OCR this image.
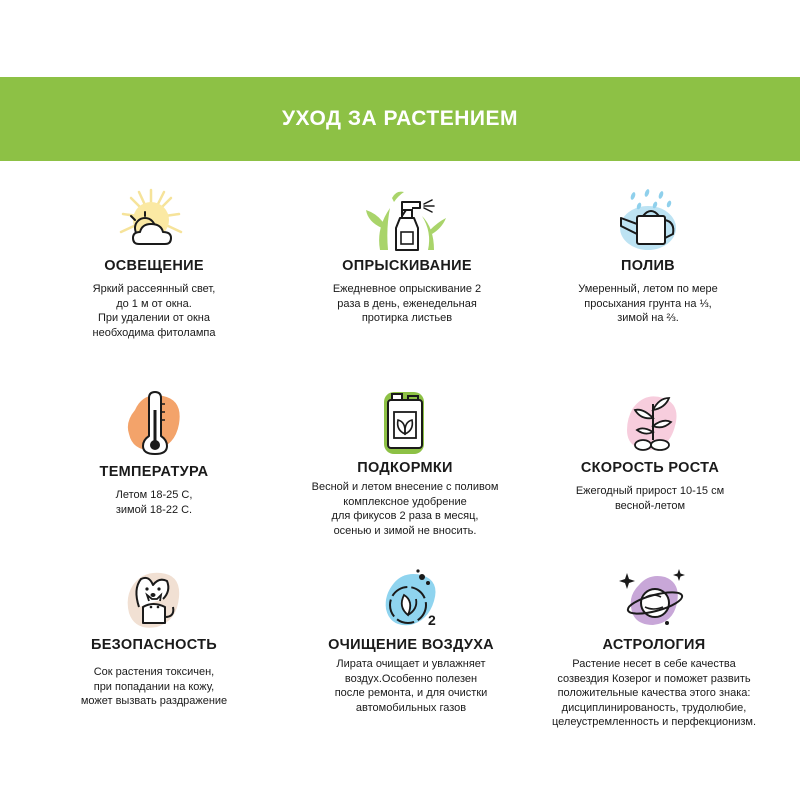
УХОД ЗА РАСТЕНИЕМ
ОСВЕЩЕНИЕ
Яркий рассеянный свет,
до 1 м от окна.
При удалении от окна
необходима фитолампа
ОПРЫСКИВАНИЕ
Ежедневное опрыскивание 2
раза в день, еженедельная
протирка листьев
ПОЛИВ
Умеренный, летом по мере
просыхания грунта на ⅓,
зимой на ⅔.
ТЕМПЕРАТУРА
Летом 18-25 С,
зимой 18-22 С.
ПОДКОРМКИ
Весной и летом внесение с поливом
комплексное удобрение
для фикусов 2 раза в месяц,
осенью и зимой не вносить.
СКОРОСТЬ РОСТА
Ежегодный прирост 10-15 см
весной-летом
БЕЗОПАСНОСТЬ
Сок растения токсичен,
при попадании на кожу,
может вызвать раздражение
2
ОЧИЩЕНИЕ ВОЗДУХА
Лирата очищает и увлажняет
воздух.Особенно полезен
после ремонта, и для очистки
автомобильных газов
АСТРОЛОГИЯ
Растение несет в себе качества
созвездия Козерог и поможет развить
положительные качества этого знака:
дисциплинированость, трудолюбие,
целеустремленность и перфекционизм.
